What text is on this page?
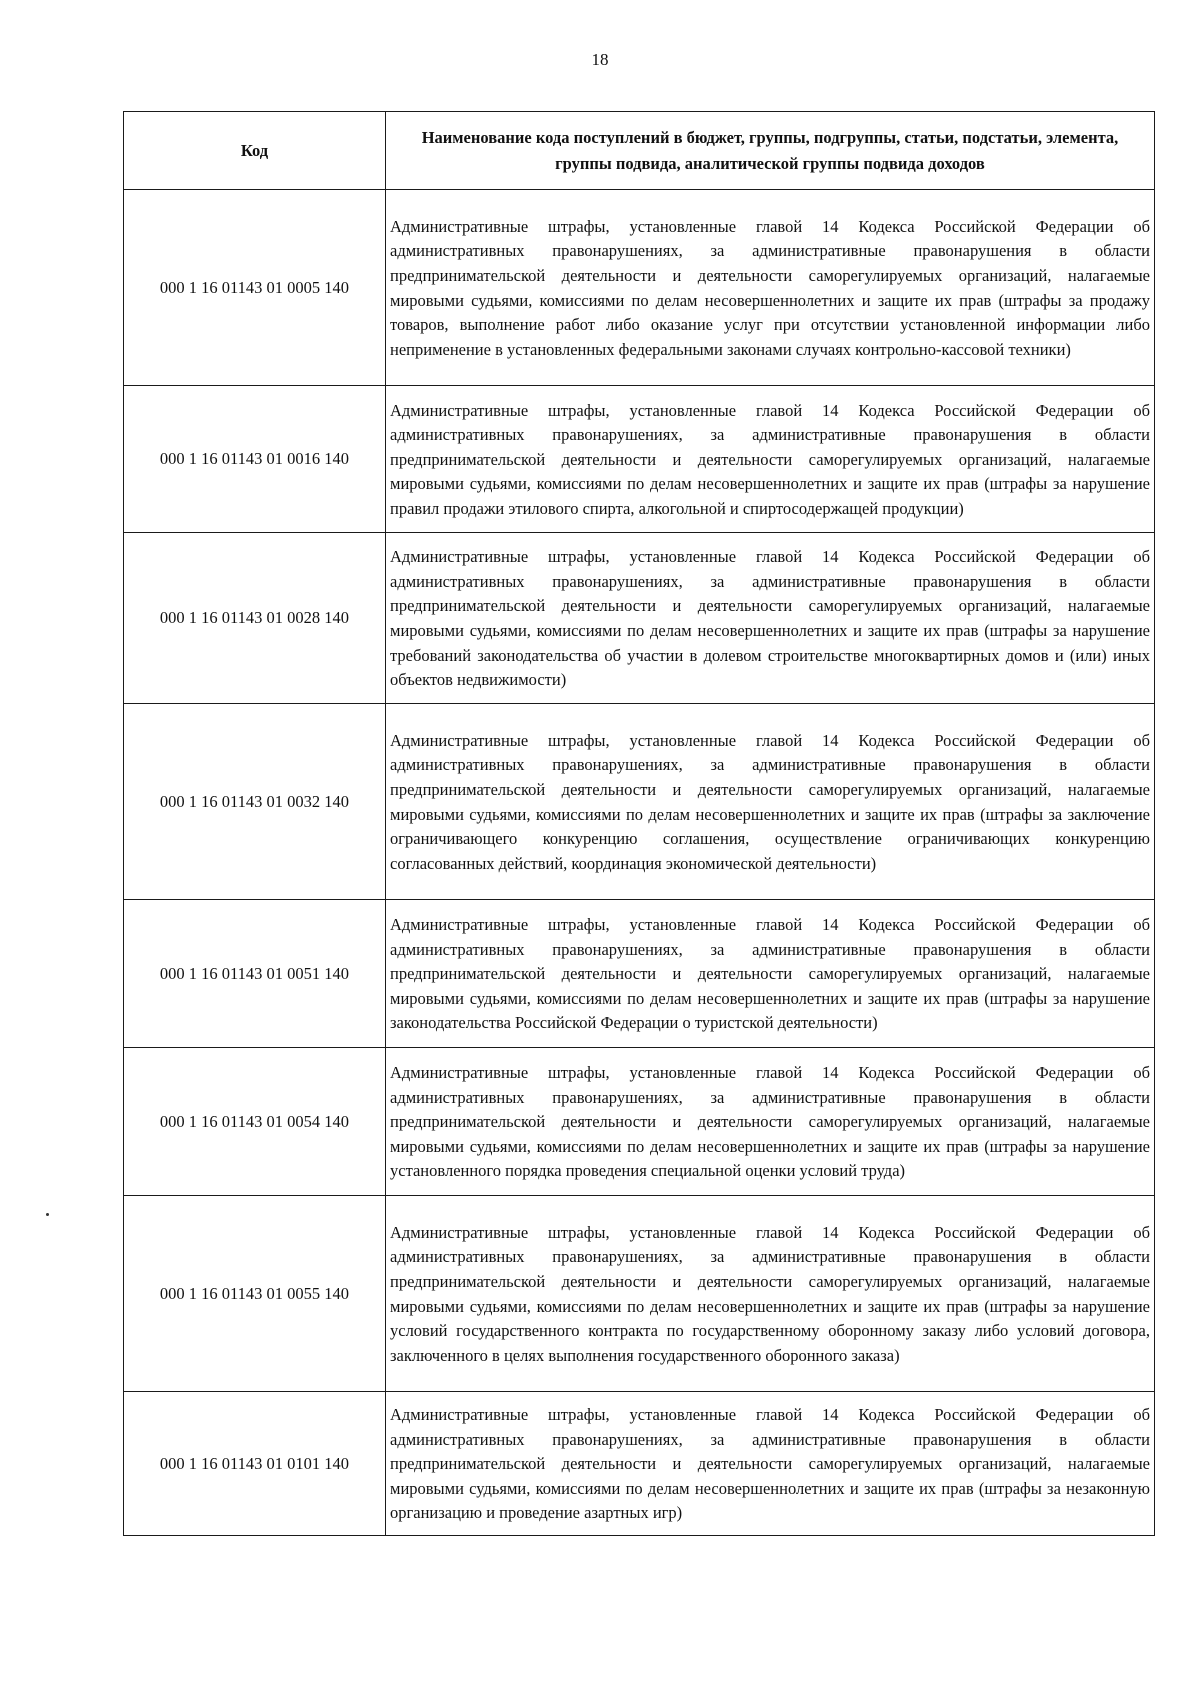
18
Код	Наименование кода поступлений в бюджет, группы, подгруппы, статьи, подстатьи, элемента, группы подвида, аналитической группы подвида доходов
000 1 16 01143 01 0005 140	Административные штрафы, установленные главой 14 Кодекса Российской Федерации об административных правонарушениях, за административные правонарушения в области предпринимательской деятельности и деятельности саморегулируемых организаций, налагаемые мировыми судьями, комиссиями по делам несовершеннолетних и защите их прав (штрафы за продажу товаров, выполнение работ либо оказание услуг при отсутствии установленной информации либо неприменение в установленных федеральными законами случаях контрольно-кассовой техники)
000 1 16 01143 01 0016 140	Административные штрафы, установленные главой 14 Кодекса Российской Федерации об административных правонарушениях, за административные правонарушения в области предпринимательской деятельности и деятельности саморегулируемых организаций, налагаемые мировыми судьями, комиссиями по делам несовершеннолетних и защите их прав (штрафы за нарушение правил продажи этилового спирта, алкогольной и спиртосодержащей продукции)
000 1 16 01143 01 0028 140	Административные штрафы, установленные главой 14 Кодекса Российской Федерации об административных правонарушениях, за административные правонарушения в области предпринимательской деятельности и деятельности саморегулируемых организаций, налагаемые мировыми судьями, комиссиями по делам несовершеннолетних и защите их прав (штрафы за нарушение требований законодательства об участии в долевом строительстве многоквартирных домов и (или) иных объектов недвижимости)
000 1 16 01143 01 0032 140	Административные штрафы, установленные главой 14 Кодекса Российской Федерации об административных правонарушениях, за административные правонарушения в области предпринимательской деятельности и деятельности саморегулируемых организаций, налагаемые мировыми судьями, комиссиями по делам несовершеннолетних и защите их прав (штрафы за заключение ограничивающего конкуренцию соглашения, осуществление ограничивающих конкуренцию согласованных действий, координация экономической деятельности)
000 1 16 01143 01 0051 140	Административные штрафы, установленные главой 14 Кодекса Российской Федерации об административных правонарушениях, за административные правонарушения в области предпринимательской деятельности и деятельности саморегулируемых организаций, налагаемые мировыми судьями, комиссиями по делам несовершеннолетних и защите их прав (штрафы за нарушение законодательства Российской Федерации о туристской деятельности)
000 1 16 01143 01 0054 140	Административные штрафы, установленные главой 14 Кодекса Российской Федерации об административных правонарушениях, за административные правонарушения в области предпринимательской деятельности и деятельности саморегулируемых организаций, налагаемые мировыми судьями, комиссиями по делам несовершеннолетних и защите их прав (штрафы за нарушение установленного порядка проведения специальной оценки условий труда)
000 1 16 01143 01 0055 140	Административные штрафы, установленные главой 14 Кодекса Российской Федерации об административных правонарушениях, за административные правонарушения в области предпринимательской деятельности и деятельности саморегулируемых организаций, налагаемые мировыми судьями, комиссиями по делам несовершеннолетних и защите их прав (штрафы за нарушение условий государственного контракта по государственному оборонному заказу либо условий договора, заключенного в целях выполнения государственного оборонного заказа)
000 1 16 01143 01 0101 140	Административные штрафы, установленные главой 14 Кодекса Российской Федерации об административных правонарушениях, за административные правонарушения в области предпринимательской деятельности и деятельности саморегулируемых организаций, налагаемые мировыми судьями, комиссиями по делам несовершеннолетних и защите их прав (штрафы за незаконную организацию и проведение азартных игр)
